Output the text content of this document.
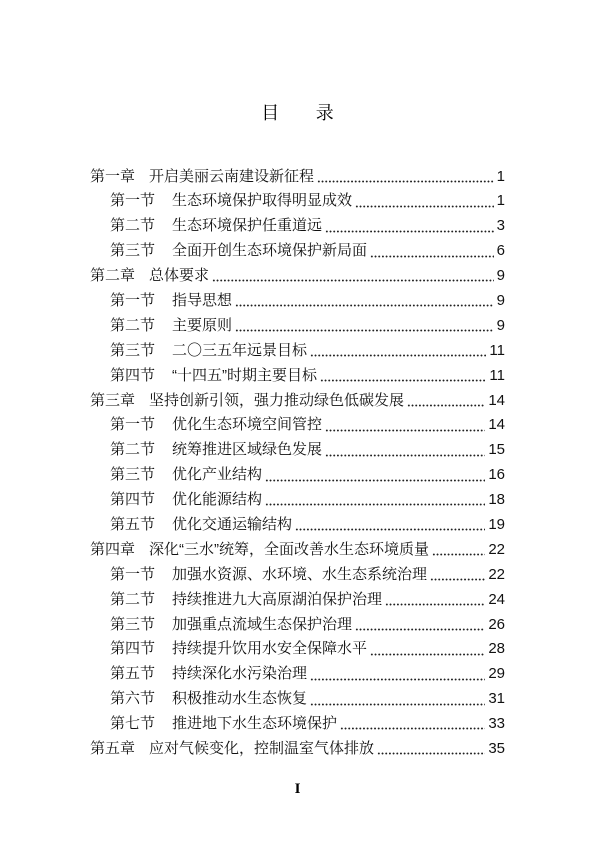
目 录
第一章 开启美丽云南建设新征程	1
第一节	生态环境保护取得明显成效	1
第二节	生态环境保护任重道远	3
第三节	全面开创生态环境保护新局面	6
第二章 总体要求	9
第一节	指导思想	9
第二节	主要原则	9
第三节	二〇三五年远景目标	11
第四节	“十四五”时期主要目标	11
第三章 坚持创新引领，强力推动绿色低碳发展	14
第一节	优化生态环境空间管控	14
第二节	统筹推进区域绿色发展	15
第三节	优化产业结构	16
第四节	优化能源结构	18
第五节	优化交通运输结构	19
第四章 深化“三水”统筹，全面改善水生态环境质量	22
第一节	加强水资源、水环境、水生态系统治理	22
第二节	持续推进九大高原湖泊保护治理	24
第三节	加强重点流域生态保护治理	26
第四节	持续提升饮用水安全保障水平	28
第五节	持续深化水污染治理	29
第六节	积极推动水生态恢复	31
第七节	推进地下水生态环境保护	33
第五章 应对气候变化，控制温室气体排放	35
I
